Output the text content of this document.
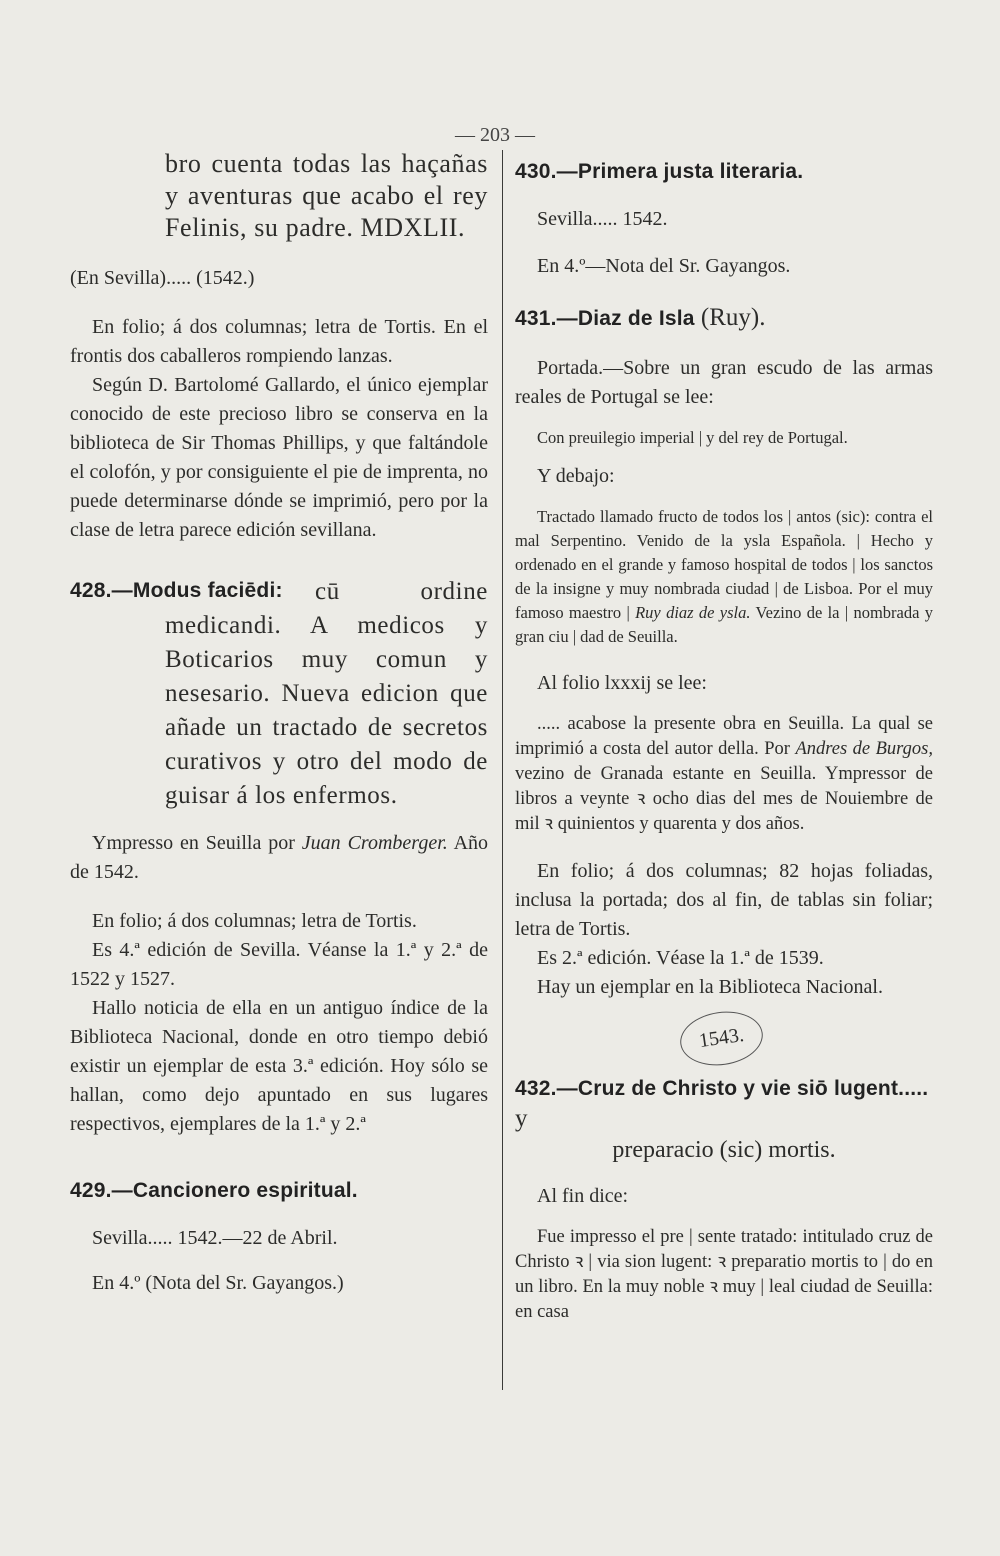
— 203 —

bro cuenta todas las haçañas y aventuras que acabo el rey Felinis, su padre. MDXLII.

(En Sevilla)..... (1542.)

En folio; á dos columnas; letra de Tortis. En el frontis dos caballeros rompiendo lanzas.

Según D. Bartolomé Gallardo, el único ejemplar conocido de este precioso libro se conserva en la biblioteca de Sir Thomas Phillips, y que faltándole el colofón, y por consiguiente el pie de imprenta, no puede determinarse dónde se imprimió, pero por la clase de letra parece edición sevillana.

428.—Modus faciēdi:	cū ordine medicandi. A medicos y Boticarios muy comun y nesesario. Nueva edicion que añade un tractado de secretos curativos y otro del modo de guisar á los enfermos.

Ympresso en Seuilla por Juan Cromberger. Año de 1542.

En folio; á dos columnas; letra de Tortis.

Es 4.ª edición de Sevilla. Véanse la 1.ª y 2.ª de 1522 y 1527.

Hallo noticia de ella en un antiguo índice de la Biblioteca Nacional, donde en otro tiempo debió existir un ejemplar de esta 3.ª edición. Hoy sólo se hallan, como dejo apuntado en sus lugares respectivos, ejemplares de la 1.ª y 2.ª

429.—Cancionero espiritual.

Sevilla..... 1542.—22 de Abril.

En 4.º (Nota del Sr. Gayangos.)

430.—Primera justa literaria.

Sevilla..... 1542.

En 4.º—Nota del Sr. Gayangos.

431.—Diaz de Isla (Ruy).

Portada.—Sobre un gran escudo de las armas reales de Portugal se lee:

Con preuilegio imperial | y del rey de Portugal.

Y debajo:

Tractado llamado fructo de todos los | antos (sic): contra el mal Serpentino. Venido de la ysla Española. | Hecho y ordenado en el grande y famoso hospital de todos | los sanctos de la insigne y muy nombrada ciudad | de Lisboa. Por el muy famoso maestro | Ruy diaz de ysla. Vezino de la | nombrada y gran ciu | dad de Seuilla.

Al folio lxxxij se lee:

..... acabose la presente obra en Seuilla. La qual se imprimió a costa del autor della. Por Andres de Burgos, vezino de Granada estante en Seuilla. Ympressor de libros a veynte ꝛ ocho dias del mes de Nouiembre de mil ꝛ quinientos y quarenta y dos años.

En folio; á dos columnas; 82 hojas foliadas, inclusa la portada; dos al fin, de tablas sin foliar; letra de Tortis.

Es 2.ª edición. Véase la 1.ª de 1539.

Hay un ejemplar en la Biblioteca Nacional.

1543.

432.—Cruz de Christo y vie siō lugent..... y

preparacio (sic) mortis.

Al fin dice:

Fue impresso el pre | sente tratado: intitulado cruz de Christo ꝛ | via sion lugent: ꝛ preparatio mortis to | do en un libro. En la muy noble ꝛ muy | leal ciudad de Seuilla: en casa
